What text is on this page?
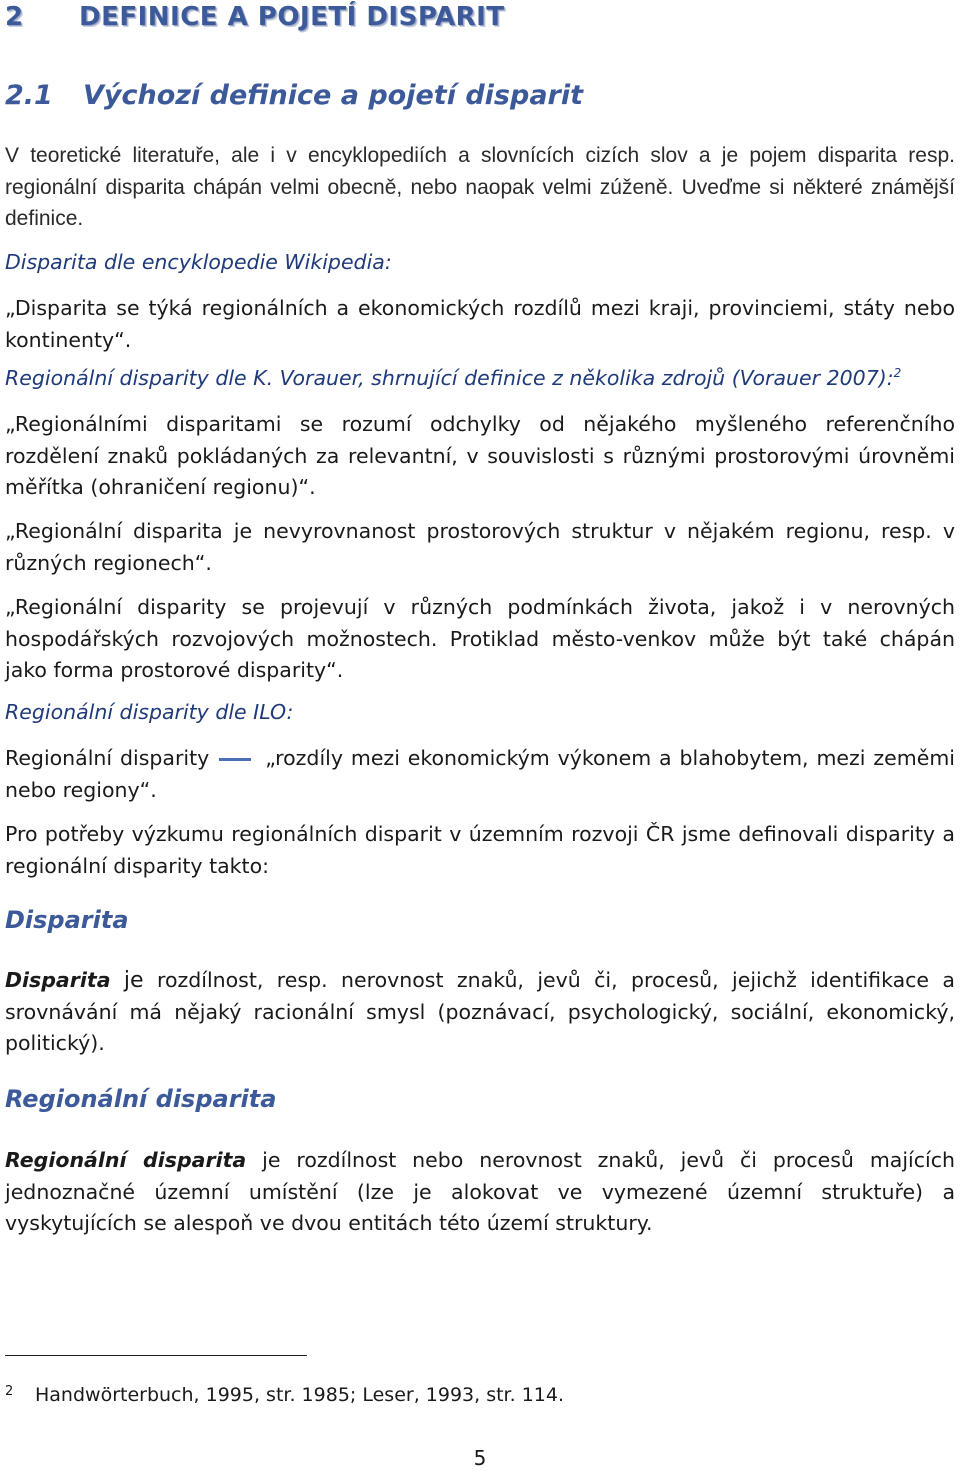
2 DEFINICE A POJETÍ DISPARIT
2.1 Výchozí definice a pojetí disparit

V teoretické literatuře, ale i v encyklopediích a slovnících cizích slov a je pojem disparita resp. regionální disparita chápán velmi obecně, nebo naopak velmi zúženě. Uveďme si některé známější definice.

Disparita dle encyklopedie Wikipedia:

„Disparita se týká regionálních a ekonomických rozdílů mezi kraji, provinciemi, státy nebo kontinenty“.

Regionální disparity dle K. Vorauer, shrnující definice z několika zdrojů (Vorauer 2007):$^2$

„Regionálními disparitami se rozumí odchylky od nějakého myšleného referenčního rozdělení znaků pokládaných za relevantní, v souvislosti s různými prostorovými úrovněmi měřítka (ohraničení regionu)“.

„Regionální disparita je nevyrovnanost prostorových struktur v nějakém regionu, resp. v různých regionech“.

„Regionální disparity se projevují v různých podmínkách života, jakož i v nerovných hospodářských rozvojových možnostech. Protiklad město-venkov může být také chápán jako forma prostorové disparity“.

Regionální disparity dle ILO:

Regionální disparity	„rozdíly mezi ekonomickým výkonem a blahobytem, mezi zeměmi nebo regiony“.

Pro potřeby výzkumu regionálních disparit v územním rozvoji ČR jsme definovali disparity a regionální disparity takto:

Disparita

Disparita je rozdílnost, resp. nerovnost znaků, jevů či, procesů, jejichž identifikace a srovnávání má nějaký racionální smysl (poznávací, psychologický, sociální, ekonomický, politický).

Regionální disparita

Regionální disparita je rozdílnost nebo nerovnost znaků, jevů či procesů majících jednoznačné územní umístění (lze je alokovat ve vymezené územní struktuře) a vyskytujících se alespoň ve dvou entitách této území struktury.

2 Handwörterbuch, 1995, str. 1985; Leser, 1993, str. 114.
5
